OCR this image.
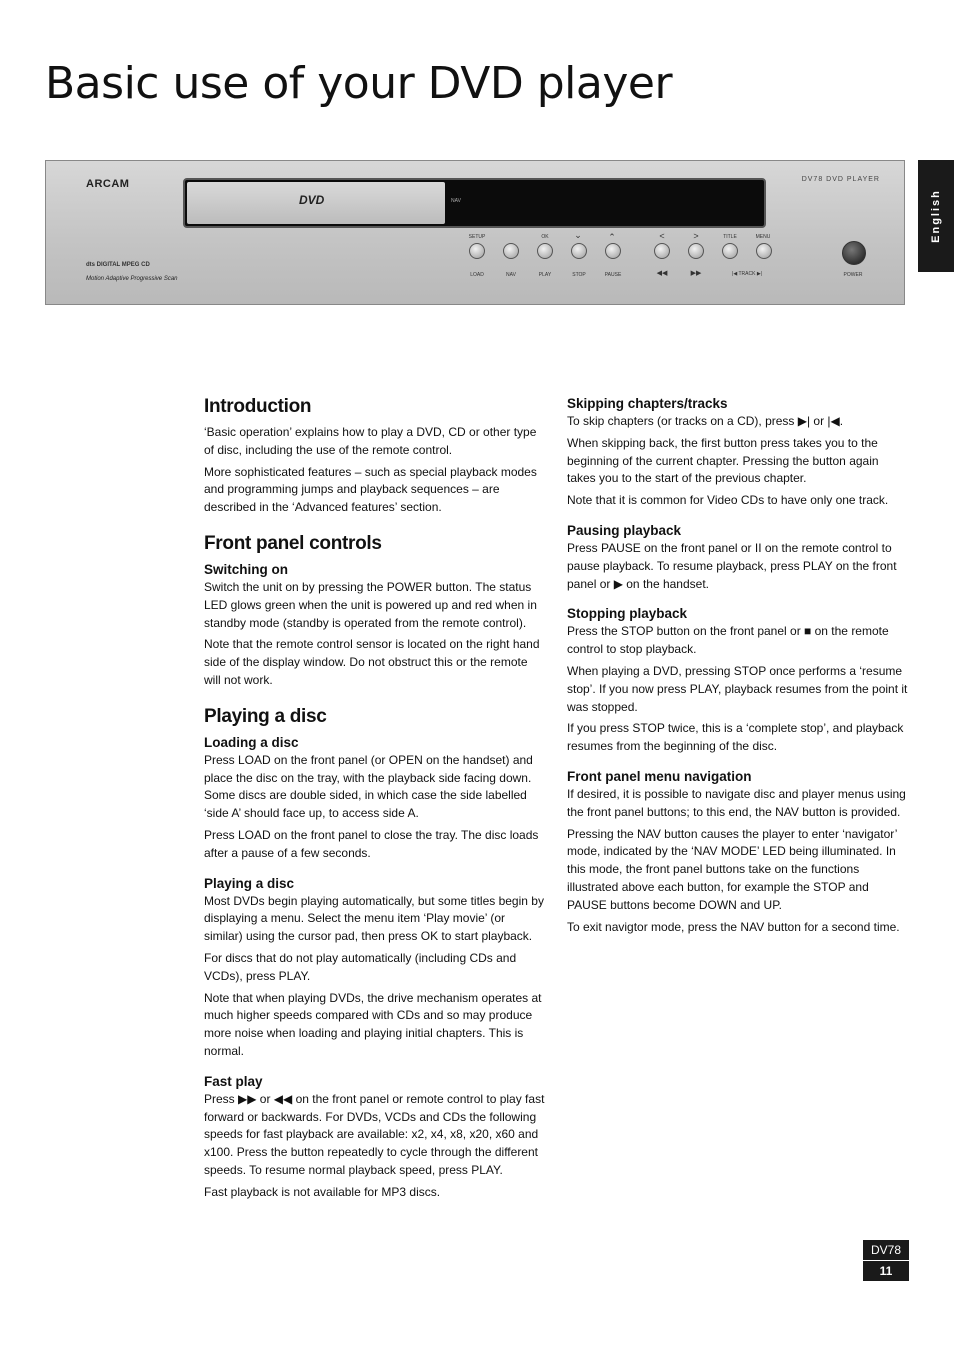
Basic use of your DVD player
English
ARCAM	DV78 DVD PLAYER
DVD	NAV
SETUP	OK	⌄	⌃	<	>	TITLE	MENU
LOAD	NAV	PLAY	STOP	PAUSE	◀◀	▶▶	|◀ TRACK ▶|	POWER
dts DIGITAL MPEG CD
Motion Adaptive Progressive Scan
Introduction

‘Basic operation’ explains how to play a DVD, CD or other type of disc, including the use of the remote control.

More sophisticated features – such as special playback modes and programming jumps and playback sequences – are described in the ‘Advanced features’ section.

Front panel controls
Switching on

Switch the unit on by pressing the POWER button. The status LED glows green when the unit is powered up and red when in standby mode (standby is operated from the remote control).

Note that the remote control sensor is located on the right hand side of the display window. Do not obstruct this or the remote will not work.

Playing a disc
Loading a disc

Press LOAD on the front panel (or OPEN on the handset) and place the disc on the tray, with the playback side facing down. Some discs are double sided, in which case the side labelled ‘side A’ should face up, to access side A.

Press LOAD on the front panel to close the tray. The disc loads after a pause of a few seconds.

Playing a disc

Most DVDs begin playing automatically, but some titles begin by displaying a menu. Select the menu item ‘Play movie’ (or similar) using the cursor pad, then press OK to start playback.

For discs that do not play automatically (including CDs and VCDs), press PLAY.

Note that when playing DVDs, the drive mechanism operates at much higher speeds compared with CDs and so may produce more noise when loading and playing initial chapters. This is normal.

Fast play

Press ▶▶ or ◀◀ on the front panel or remote control to play fast forward or backwards. For DVDs, VCDs and CDs the following speeds for fast playback are available: x2, x4, x8, x20, x60 and x100. Press the button repeatedly to cycle through the different speeds. To resume normal playback speed, press PLAY.

Fast playback is not available for MP3 discs.

Skipping chapters/tracks

To skip chapters (or tracks on a CD), press ▶| or |◀.

When skipping back, the first button press takes you to the beginning of the current chapter. Pressing the button again takes you to the start of the previous chapter.

Note that it is common for Video CDs to have only one track.

Pausing playback

Press PAUSE on the front panel or II on the remote control to pause playback. To resume playback, press PLAY on the front panel or ▶ on the handset.

Stopping playback

Press the STOP button on the front panel or ■ on the remote control to stop playback.

When playing a DVD, pressing STOP once performs a ‘resume stop’. If you now press PLAY, playback resumes from the point it was stopped.

If you press STOP twice, this is a ‘complete stop’, and playback resumes from the beginning of the disc.

Front panel menu navigation

If desired, it is possible to navigate disc and player menus using the front panel buttons; to this end, the NAV button is provided.

Pressing the NAV button causes the player to enter ‘navigator’ mode, indicated by the ‘NAV MODE’ LED being illuminated. In this mode, the front panel buttons take on the functions illustrated above each button, for example the STOP and PAUSE buttons become DOWN and UP.

To exit navigtor mode, press the NAV button for a second time.

DV78
11
